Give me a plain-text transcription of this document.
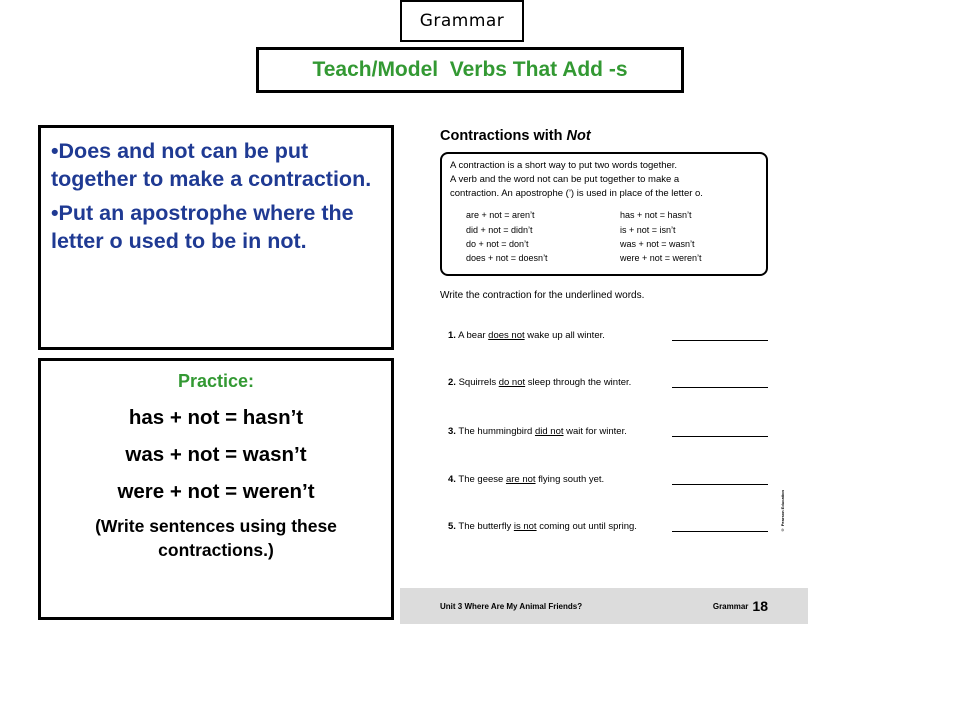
Grammar
Teach/Model  Verbs That Add -s

•Does and not can be put together to make a contraction.

•Put an apostrophe where the letter o used to be in not.

Practice:
has + not = hasn’t
was + not = wasn’t
were + not = weren’t
(Write sentences using these contractions.)
Contractions with Not
A contraction is a short way to put two words together.
A verb and the word not can be put together to make a
contraction. An apostrophe (’) is used in place of the letter o.
are + not = aren’t
did + not = didn’t
do + not = don’t
does + not = doesn’t
has + not = hasn’t
is + not = isn’t
was + not = wasn’t
were + not = weren’t
Write the contraction for the underlined words.
1. A bear does not wake up all winter.
2. Squirrels do not sleep through the winter.
3. The hummingbird did not wait for winter.
4. The geese are not flying south yet.
5. The butterfly is not coming out until spring.	© Pearson Education
Unit 3 Where Are My Animal Friends?	Grammar 18
